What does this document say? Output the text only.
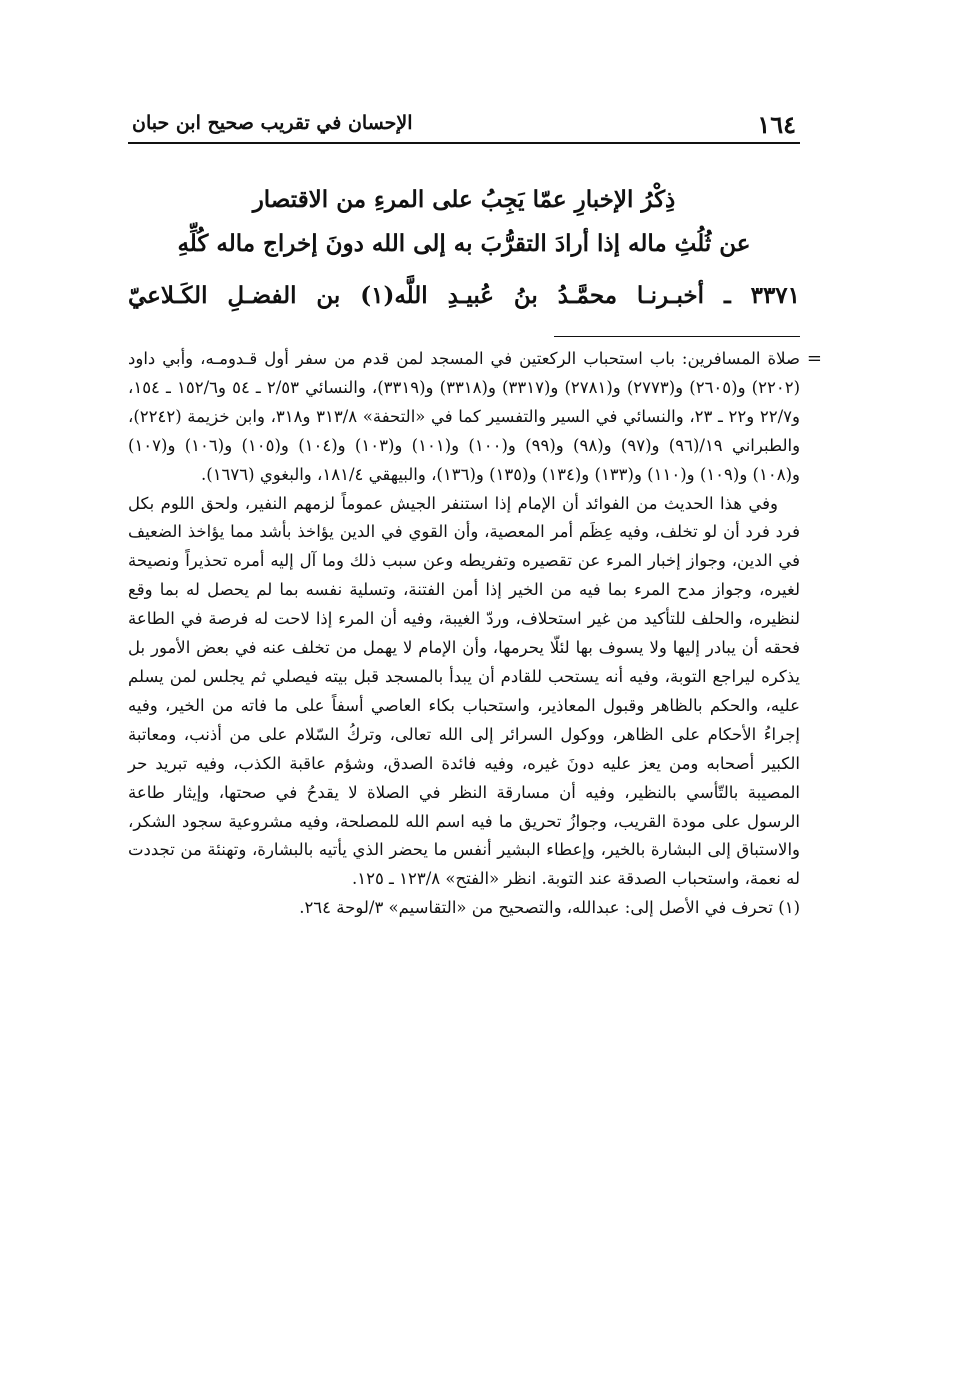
١٦٤
الإحسان في تقريب صحيح ابن حبان
ذِكْرُ الإخبارِ عمّا يَجِبُ على المرءِ من الاقتصار
عن ثُلُثِ ماله إذا أرادَ التقرُّبَ به إلى الله دونَ إخراج ماله كُلِّهِ
٣٣٧١ ـ أخبـرنـا محمَّـدُ بنُ عُبيـدِ اللَّه(١) بن الفضـلِ الكَـلاعيّ
=

صلاة المسافرين: باب استحباب الركعتين في المسجد لمن قدم من سفر أول قـدومـه، وأبي داود (٢٢٠٢) و(٢٦٠٥) و(٢٧٧٣) و(٢٧٨١) و(٣٣١٧) و(٣٣١٨) و(٣٣١٩)، والنسائي ٢/٥٣ ـ ٥٤ و١٥٢/٦ ـ ١٥٤، و٢٢/٧ و٢٢ ـ ٢٣، والنسائي في السير والتفسير كما في «التحفة» ٣١٣/٨ و٣١٨، وابن خزيمة (٢٢٤٢)، والطبراني ١٩/(٩٦) و(٩٧) و(٩٨) و(٩٩) و(١٠٠) و(١٠١) و(١٠٣) و(١٠٤) و(١٠٥) و(١٠٦) و(١٠٧) و(١٠٨) و(١٠٩) و(١١٠) و(١٣٣) و(١٣٤) و(١٣٥) و(١٣٦)، والبيهقي ١٨١/٤، والبغوي (١٦٧٦).

وفي هذا الحديث من الفوائد أن الإمام إذا استنفر الجيش عموماً لزمهم النفير، ولحق اللوم بكل فرد فرد أن لو تخلف، وفيه عِظَم أمر المعصية، وأن القوي في الدين يؤاخذ بأشد مما يؤاخذ الضعيف في الدين، وجواز إخبار المرء عن تقصيره وتفريطه وعن سبب ذلك وما آل إليه أمره تحذيراً ونصيحة لغيره، وجواز مدح المرء بما فيه من الخير إذا أمن الفتنة، وتسلية نفسه بما لم يحصل له بما وقع لنظيره، والحلف للتأكيد من غير استحلاف، وردّ الغيبة، وفيه أن المرء إذا لاحت له فرصة في الطاعة فحقه أن يبادر إليها ولا يسوف بها لئلّا يحرمها، وأن الإمام لا يهمل من تخلف عنه في بعض الأمور بل يذكره ليراجع التوبة، وفيه أنه يستحب للقادم أن يبدأ بالمسجد قبل بيته فيصلي ثم يجلس لمن يسلم عليه، والحكم بالظاهر وقبول المعاذير، واستحباب بكاء العاصي أسفاً على ما فاته من الخير، وفيه إجراءُ الأحكام على الظاهر، ووكول السرائر إلى الله تعالى، وتركُ السّلام على من أذنب، ومعاتبة الكبير أصحابه ومن يعز عليه دونَ غيره، وفيه فائدة الصدق، وشؤم عاقبة الكذب، وفيه تبريد حر المصيبة بالتّأسي بالنظير، وفيه أن مسارقة النظر في الصلاة لا يقدحُ في صحتها، وإيثار طاعة الرسول على مودة القريب، وجوازُ تحريق ما فيه اسم الله للمصلحة، وفيه مشروعية سجود الشكر، والاستباق إلى البشارة بالخير، وإعطاء البشير أنفس ما يحضر الذي يأتيه بالبشارة، وتهنئة من تجددت له نعمة، واستحباب الصدقة عند التوبة. انظر «الفتح» ١٢٣/٨ ـ ١٢٥.

(١) تحرف في الأصل إلى: عبدالله، والتصحيح من «التقاسيم» ٣/لوحة ٢٦٤.
